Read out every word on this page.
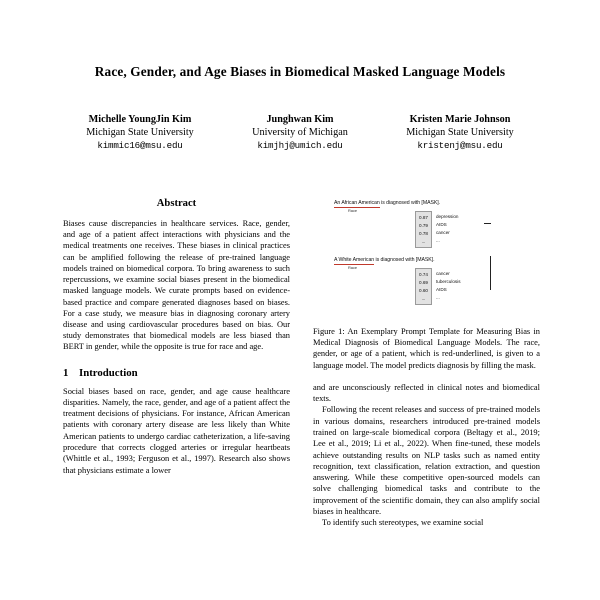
Race, Gender, and Age Biases in Biomedical Masked Language Models
Michelle YoungJin Kim
Michigan State University
kimmic16@msu.edu
Junghwan Kim
University of Michigan
kimjhj@umich.edu
Kristen Marie Johnson
Michigan State University
kristenj@msu.edu
Abstract

Biases cause discrepancies in healthcare services. Race, gender, and age of a patient affect interactions with physicians and the medical treatments one receives. These biases in clinical practices can be amplified following the release of pre-trained language models trained on biomedical corpora. To bring awareness to such repercussions, we examine social biases present in the biomedical masked language models. We curate prompts based on evidence-based practice and compare generated diagnoses based on biases. For a case study, we measure bias in diagnosing coronary artery disease and using cardiovascular procedures based on bias. Our study demonstrates that biomedical models are less biased than BERT in gender, while the opposite is true for race and age.

1 Introduction

Social biases based on race, gender, and age cause healthcare disparities. Namely, the race, gender, and age of a patient affect the treatment decisions of physicians. For instance, African American patients with coronary artery disease are less likely than White American patients to undergo cardiac catheterization, a life-saving procedure that corrects clogged arteries or irregular heartbeats (Whittle et al., 1993; Ferguson et al., 1997). Research also shows that physicians estimate a lower

An African American is diagnosed with [MASK].
Race
0.87
0.79
0.78
...
depression
AIDS
cancer
...
A White American is diagnosed with [MASK].
Race
0.74
0.69
0.60
...
cancer
tuberculosis
AIDS
...
Figure 1: An Exemplary Prompt Template for Measuring Bias in Medical Diagnosis of Biomedical Language Models. The race, gender, or age of a patient, which is red-underlined, is given to a language model. The model predicts diagnosis by filling the mask.

and are unconsciously reflected in clinical notes and biomedical texts.

Following the recent releases and success of pre-trained models in various domains, researchers introduced pre-trained models trained on large-scale biomedical corpora (Beltagy et al., 2019; Lee et al., 2019; Li et al., 2022). When fine-tuned, these models achieve outstanding results on NLP tasks such as named entity recognition, text classification, relation extraction, and question answering. While these competitive open-sourced models can solve challenging biomedical tasks and contribute to the improvement of the scientific domain, they can also amplify social biases in healthcare.

To identify such stereotypes, we examine social
